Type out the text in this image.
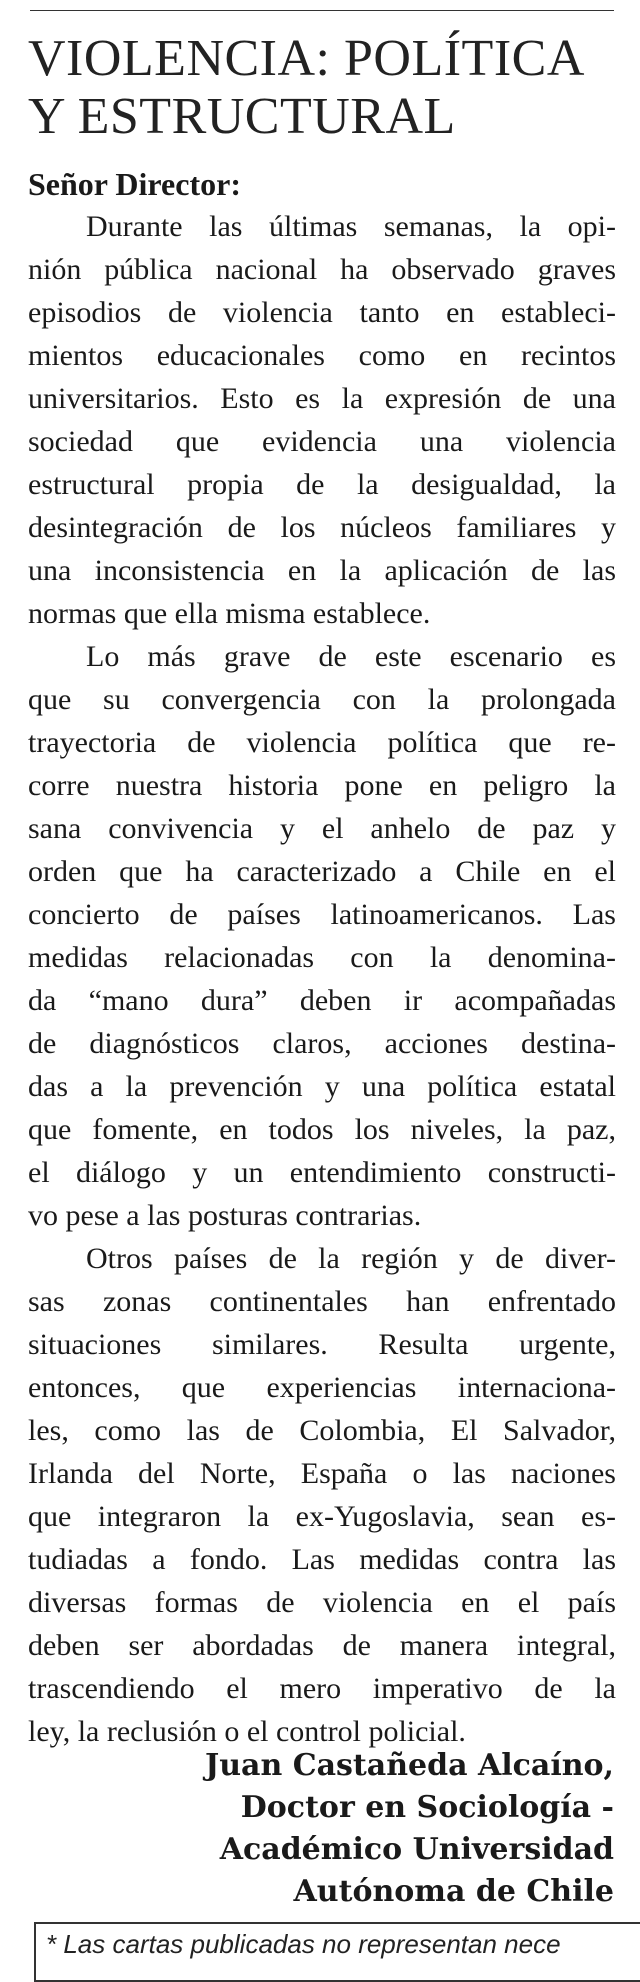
VIOLENCIA: POLÍTICA
Y ESTRUCTURAL

Señor Director:

Durante las últimas semanas, la opi-
nión pública nacional ha observado graves
episodios de violencia tanto en estableci-
mientos educacionales como en recintos
universitarios. Esto es la expresión de una
sociedad que evidencia una violencia
estructural propia de la desigualdad, la
desintegración de los núcleos familiares y
una inconsistencia en la aplicación de las
normas que ella misma establece.
Lo más grave de este escenario es
que su convergencia con la prolongada
trayectoria de violencia política que re-
corre nuestra historia pone en peligro la
sana convivencia y el anhelo de paz y
orden que ha caracterizado a Chile en el
concierto de países latinoamericanos. Las
medidas relacionadas con la denomina-
da “mano dura” deben ir acompañadas
de diagnósticos claros, acciones destina-
das a la prevención y una política estatal
que fomente, en todos los niveles, la paz,
el diálogo y un entendimiento constructi-
vo pese a las posturas contrarias.
Otros países de la región y de diver-
sas zonas continentales han enfrentado
situaciones similares. Resulta urgente,
entonces, que experiencias internaciona-
les, como las de Colombia, El Salvador,
Irlanda del Norte, España o las naciones
que integraron la ex-Yugoslavia, sean es-
tudiadas a fondo. Las medidas contra las
diversas formas de violencia en el país
deben ser abordadas de manera integral,
trascendiendo el mero imperativo de la
ley, la reclusión o el control policial.
Juan Castañeda Alcaíno,
Doctor en Sociología -
Académico Universidad
Autónoma de Chile
* Las cartas publicadas no representan nece
